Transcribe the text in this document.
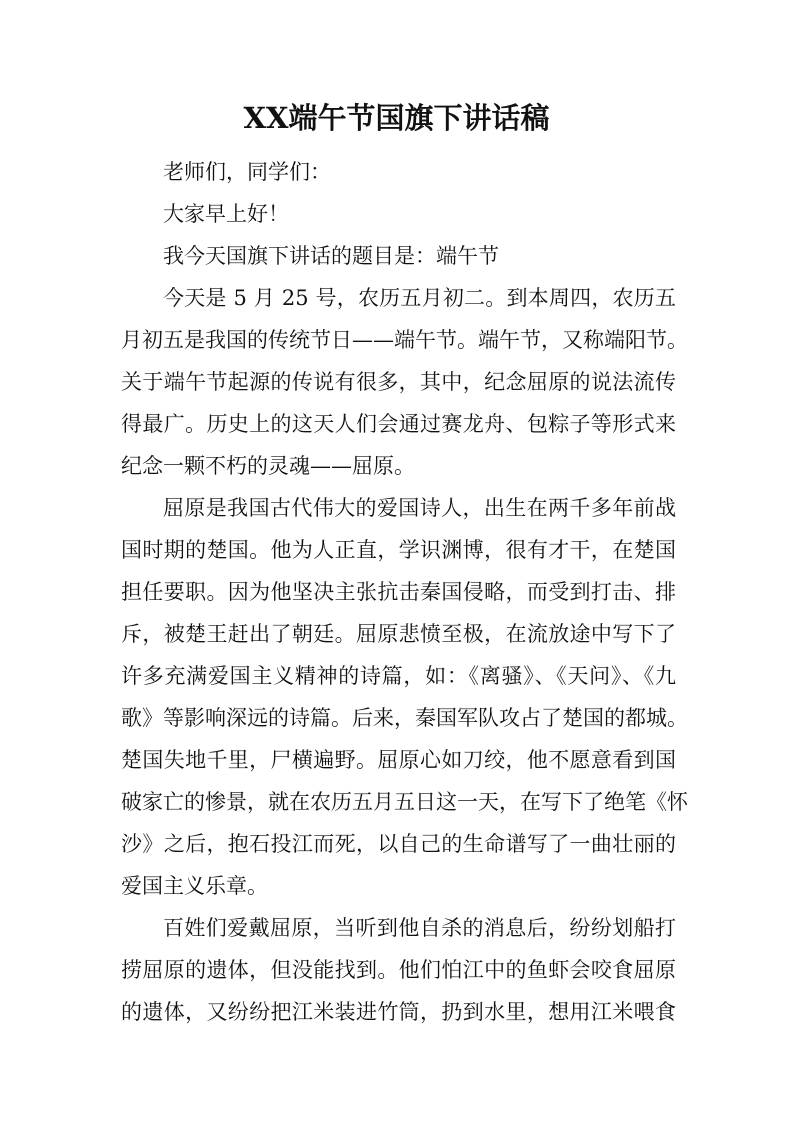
XX端午节国旗下讲话稿
老师们，同学们：
大家早上好！
我今天国旗下讲话的题目是：端午节
今天是 5 月 25 号，农历五月初二。到本周四，农历五
月初五是我国的传统节日——端午节。端午节，又称端阳节。
关于端午节起源的传说有很多，其中，纪念屈原的说法流传
得最广。历史上的这天人们会通过赛龙舟、包粽子等形式来
纪念一颗不朽的灵魂——屈原。
屈原是我国古代伟大的爱国诗人，出生在两千多年前战
国时期的楚国。他为人正直，学识渊博，很有才干，在楚国
担任要职。因为他坚决主张抗击秦国侵略，而受到打击、排
斥，被楚王赶出了朝廷。屈原悲愤至极，在流放途中写下了
许多充满爱国主义精神的诗篇，如：《离骚》、《天问》、《九
歌》等影响深远的诗篇。后来，秦国军队攻占了楚国的都城。
楚国失地千里，尸横遍野。屈原心如刀绞，他不愿意看到国
破家亡的惨景，就在农历五月五日这一天，在写下了绝笔《怀
沙》之后，抱石投江而死，以自己的生命谱写了一曲壮丽的
爱国主义乐章。
百姓们爱戴屈原，当听到他自杀的消息后，纷纷划船打
捞屈原的遗体，但没能找到。他们怕江中的鱼虾会咬食屈原
的遗体，又纷纷把江米装进竹筒，扔到水里，想用江米喂食
